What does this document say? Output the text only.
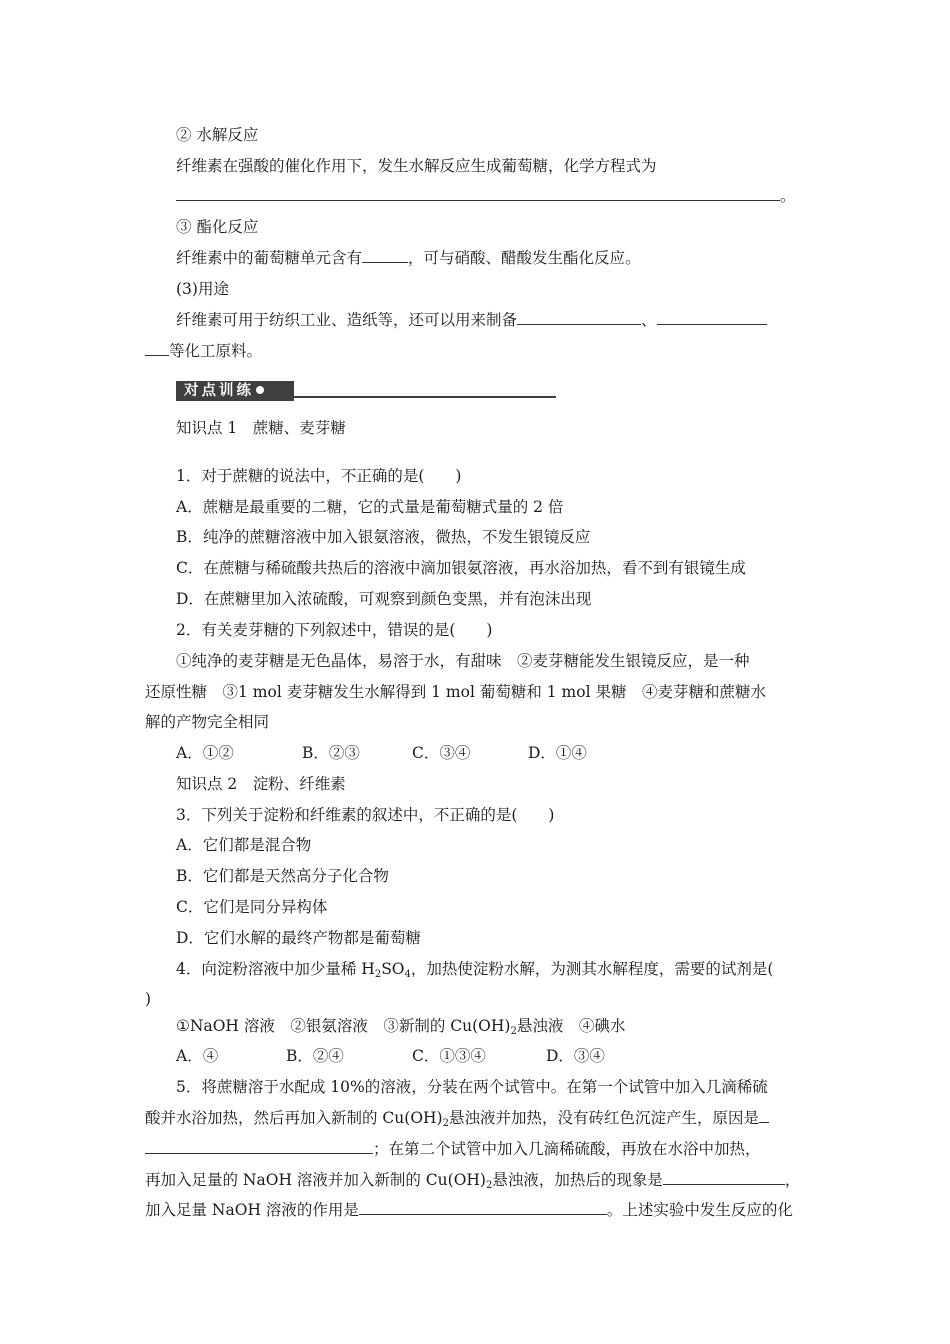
② 水解反应
纤维素在强酸的催化作用下，发生水解反应生成葡萄糖，化学方程式为
。
③ 酯化反应
纤维素中的葡萄糖单元含有	，可与硝酸、醋酸发生酯化反应。
(3)用途
纤维素可用于纺织工业、造纸等，还可以用来制备	、
等化工原料。
对点训练
知识点 1　蔗糖、麦芽糖
1．对于蔗糖的说法中，不正确的是(　　)
A．蔗糖是最重要的二糖，它的式量是葡萄糖式量的 2 倍
B．纯净的蔗糖溶液中加入银氨溶液，微热，不发生银镜反应
C．在蔗糖与稀硫酸共热后的溶液中滴加银氨溶液，再水浴加热，看不到有银镜生成
D．在蔗糖里加入浓硫酸，可观察到颜色变黑，并有泡沫出现
2．有关麦芽糖的下列叙述中，错误的是(　　)
①纯净的麦芽糖是无色晶体，易溶于水，有甜味　②麦芽糖能发生银镜反应，是一种
还原性糖　③1 mol 麦芽糖发生水解得到 1 mol 葡萄糖和 1 mol 果糖　④麦芽糖和蔗糖水
解的产物完全相同
A．①②	B．②③	C．③④	D．①④
知识点 2　淀粉、纤维素
3．下列关于淀粉和纤维素的叙述中，不正确的是(　　)
A．它们都是混合物
B．它们都是天然高分子化合物
C．它们是同分异构体
D．它们水解的最终产物都是葡萄糖
4．向淀粉溶液中加少量稀 $H_2SO_4$，加热使淀粉水解，为测其水解程度，需要的试剂是(
)
①NaOH 溶液　②银氨溶液　③新制的 $Cu(OH)_2$悬浊液　④碘水
A．④	B．②④	C．①③④	D．③④
5．将蔗糖溶于水配成 10%的溶液，分装在两个试管中。在第一个试管中加入几滴稀硫
酸并水浴加热，然后再加入新制的 $Cu(OH)_2$悬浊液并加热，没有砖红色沉淀产生，原因是
；在第二个试管中加入几滴稀硫酸，再放在水浴中加热，
再加入足量的 NaOH 溶液并加入新制的 $Cu(OH)_2$悬浊液，加热后的现象是	，
加入足量 NaOH 溶液的作用是	。上述实验中发生反应的化
